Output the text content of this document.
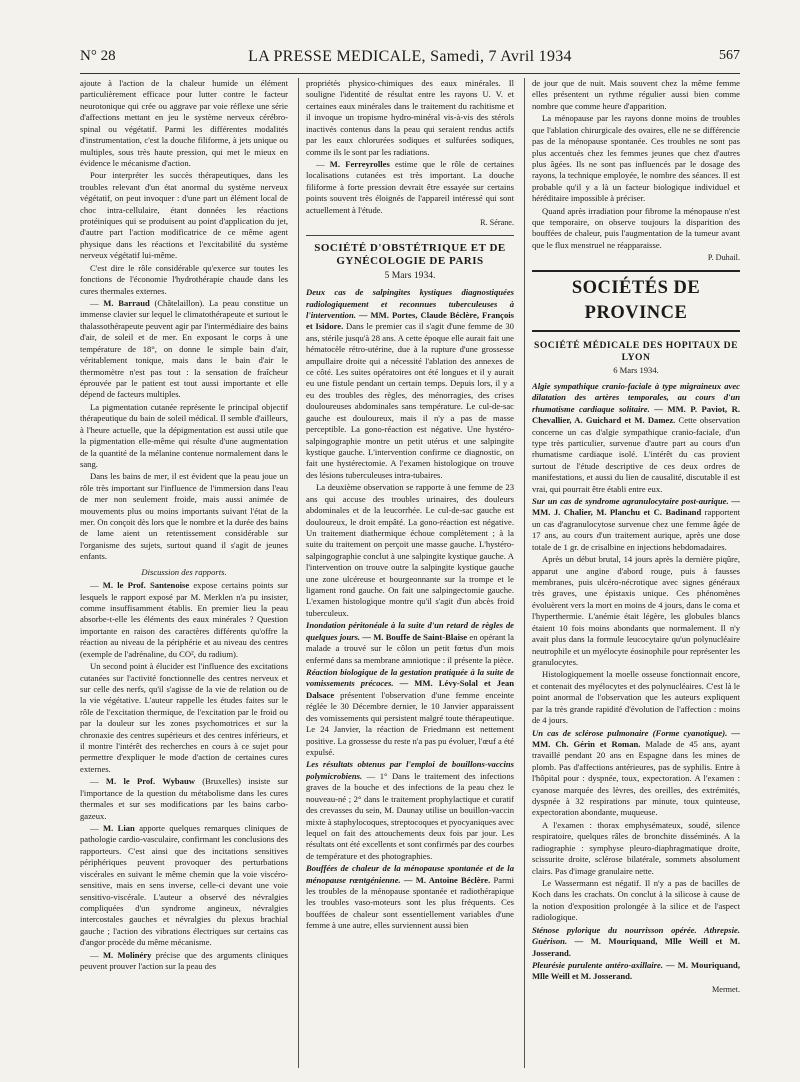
N° 28	LA PRESSE MEDICALE, Samedi, 7 Avril 1934	567

ajoute à l'action de la chaleur humide un élément particulièrement efficace pour lutter contre le facteur neurotonique qui crée ou aggrave par voie réflexe une série d'affections mettant en jeu le système nerveux cérébro-spinal ou végétatif. Parmi les différentes modalités d'instrumentation, c'est la douche filiforme, à jets unique ou multiples, sous très haute pression, qui met le mieux en évidence le mécanisme d'action.

Pour interpréter les succès thérapeutiques, dans les troubles relevant d'un état anormal du système nerveux végétatif, on peut invoquer : d'une part un élément local de choc intra-cellulaire, étant données les réactions protéiniques qui se produisent au point d'application du jet, d'autre part l'action modificatrice de ce même agent physique dans les réactions et l'excitabilité du système nerveux végétatif lui-même.

C'est dire le rôle considérable qu'exerce sur toutes les fonctions de l'économie l'hydrothérapie chaude dans les cures thermales externes.

— M. Barraud (Châtelaillon). La peau constitue un immense clavier sur lequel le climatothérapeute et surtout le thalassothérapeute peuvent agir par l'intermédiaire des bains d'air, de soleil et de mer. En exposant le corps à une température de 18°, on donne le simple bain d'air, véritablement tonique, mais dans le bain d'air le thermomètre n'est pas tout : la sensation de fraîcheur éprouvée par le patient est tout aussi importante et elle dépend de facteurs multiples.

La pigmentation cutanée représente le principal objectif thérapeutique du bain de soleil médical. Il semble d'ailleurs, à l'heure actuelle, que la dépigmentation est aussi utile que la pigmentation elle-même qui résulte d'une augmentation de la quantité de la mélanine contenue normalement dans le sang.

Dans les bains de mer, il est évident que la peau joue un rôle très important sur l'influence de l'immersion dans l'eau de mer non seulement froide, mais aussi animée de mouvements plus ou moins importants suivant l'état de la mer. On conçoit dès lors que le nombre et la durée des bains de lame aient un retentissement considérable sur l'organisme des sujets, surtout quand il s'agit de jeunes enfants.

Discussion des rapports.

— M. le Prof. Santenoise expose certains points sur lesquels le rapport exposé par M. Merklen n'a pu insister, comme insuffisamment établis. En premier lieu la peau absorbe-t-elle les éléments des eaux minérales ? Question importante en raison des caractères différents qu'offre la réaction au niveau de la périphérie et au niveau des centres (exemple de l'adrénaline, du CO², du radium).

Un second point à élucider est l'influence des excitations cutanées sur l'activité fonctionnelle des centres nerveux et sur celle des nerfs, qu'il s'agisse de la vie de relation ou de la vie végétative. L'auteur rappelle les études faites sur le rôle de l'excitation thermique, de l'excitation par le froid ou par la douleur sur les zones psychomotrices et sur la chronaxie des centres supérieurs et des centres inférieurs, et il montre l'intérêt des recherches en cours à ce sujet pour permettre d'expliquer le mode d'action de certaines cures externes.

— M. le Prof. Wybauw (Bruxelles) insiste sur l'importance de la question du métabolisme dans les cures thermales et sur ses modifications par les bains carbo-gazeux.

— M. Lian apporte quelques remarques cliniques de pathologie cardio-vasculaire, confirmant les conclusions des rapporteurs. C'est ainsi que des incitations sensitives périphériques peuvent provoquer des perturbations viscérales en suivant le même chemin que la voie viscéro-sensitive, mais en sens inverse, celle-ci devant une voie sensitivo-viscérale. L'auteur a observé des névralgies compliquées d'un syndrome angineux, névralgies intercostales gauches et névralgies du plexus brachial gauche ; l'action des vibrations électriques sur certains cas d'angor procède du même mécanisme.

— M. Molinéry précise que des arguments cliniques peuvent prouver l'action sur la peau des

propriétés physico-chimiques des eaux minérales. Il souligne l'identité de résultat entre les rayons U. V. et certaines eaux minérales dans le traitement du rachitisme et il invoque un tropisme hydro-minéral vis-à-vis des stérols inactivés contenus dans la peau qui seraient rendus actifs par les eaux chlorurées sodiques et sulfurées sodiques, comme ils le sont par les radiations.

— M. Ferreyrolles estime que le rôle de certaines localisations cutanées est très important. La douche filiforme à forte pression devrait être essayée sur certains points souvent très éloignés de l'appareil intéressé qui sont actuellement à l'étude.

R. Sérane.
SOCIÉTÉ D'OBSTÉTRIQUE ET DE GYNÉCOLOGIE DE PARIS
5 Mars 1934.

Deux cas de salpingites kystiques diagnostiquées radiologiquement et reconnues tuberculeuses à l'intervention. — MM. Portes, Claude Béclère, François et Isidore. Dans le premier cas il s'agit d'une femme de 30 ans, stérile jusqu'à 28 ans. A cette époque elle aurait fait une hématocèle rétro-utérine, due à la rupture d'une grossesse ampullaire droite qui a nécessité l'ablation des annexes de ce côté. Les suites opératoires ont été longues et il y aurait eu une fistule pendant un certain temps. Depuis lors, il y a eu des troubles des règles, des ménorragies, des crises douloureuses abdominales sans température. Le cul-de-sac gauche est douloureux, mais il n'y a pas de masse perceptible. La gono-réaction est négative. Une hystéro-salpingographie montre un petit utérus et une salpingite kystique gauche. L'intervention confirme ce diagnostic, on fait une hystérectomie. A l'examen histologique on trouve des lésions tuberculeuses intra-tubaires.

La deuxième observation se rapporte à une femme de 23 ans qui accuse des troubles urinaires, des douleurs abdominales et de la leucorrhée. Le cul-de-sac gauche est douloureux, le droit empâté. La gono-réaction est négative. Un traitement diathermique échoue complètement ; à la suite du traitement on perçoit une masse gauche. L'hystéro-salpingographie conclut à une salpingite kystique gauche. A l'intervention on trouve outre la salpingite kystique gauche une zone ulcéreuse et bourgeonnante sur la trompe et le ligament rond gauche. On fait une salpingectomie gauche. L'examen histologique montre qu'il s'agit d'un abcès froid tuberculeux.

Inondation péritonéale à la suite d'un retard de règles de quelques jours. — M. Bouffe de Saint-Blaise en opérant la malade a trouvé sur le côlon un petit fœtus d'un mois enfermé dans sa membrane amniotique : il présente la pièce.

Réaction biologique de la gestation pratiquée à la suite de vomissements précoces. — MM. Lévy-Solal et Jean Dalsace présentent l'observation d'une femme enceinte réglée le 30 Décembre dernier, le 10 Janvier apparaissent des vomissements qui persistent malgré toute thérapeutique. Le 24 Janvier, la réaction de Friedmann est nettement positive. La grossesse du reste n'a pas pu évoluer, l'œuf a été expulsé.

Les résultats obtenus par l'emploi de bouillons-vaccins polymicrobiens. — 1° Dans le traitement des infections graves de la bouche et des infections de la peau chez le nouveau-né ; 2° dans le traitement prophylactique et curatif des crevasses du sein, M. Daunay utilise un bouillon-vaccin mixte à staphylocoques, streptocoques et pyocyaniques avec lequel on fait des attouchements deux fois par jour. Les résultats ont été excellents et sont confirmés par des courbes de température et des photographies.

Bouffées de chaleur de la ménopause spontanée et de la ménopause rœntgénienne. — M. Antoine Béclère. Parmi les troubles de la ménopause spontanée et radiothérapique les troubles vaso-moteurs sont les plus fréquents. Ces bouffées de chaleur sont essentiellement variables d'une femme à une autre, elles surviennent aussi bien

de jour que de nuit. Mais souvent chez la même femme elles présentent un rythme régulier aussi bien comme nombre que comme heure d'apparition.

La ménopause par les rayons donne moins de troubles que l'ablation chirurgicale des ovaires, elle ne se différencie pas de la ménopause spontanée. Ces troubles ne sont pas plus accentués chez les femmes jeunes que chez d'autres plus âgées. Ils ne sont pas influencés par le dosage des rayons, la technique employée, le nombre des séances. Il est probable qu'il y a là un facteur biologique individuel et héréditaire impossible à préciser.

Quand après irradiation pour fibrome la ménopause n'est que temporaire, on observe toujours la disparition des bouffées de chaleur, puis l'augmentation de la tumeur avant que le flux menstruel ne réapparaisse.

P. Duhail.
SOCIÉTÉS DE PROVINCE
SOCIÉTÉ MÉDICALE DES HOPITAUX DE LYON
6 Mars 1934.

Algie sympathique cranio-faciale à type migraineux avec dilatation des artères temporales, au cours d'un rhumatisme cardiaque solitaire. — MM. P. Paviot, R. Chevallier, A. Guichard et M. Damez. Cette observation concerne un cas d'algie sympathique cranio-faciale, d'un type très particulier, survenue d'autre part au cours d'un rhumatisme cardiaque isolé. L'intérêt du cas provient surtout de l'étude descriptive de ces deux ordres de manifestations, et aussi du lien de causalité, discutable il est vrai, qui pourrait être établi entre eux.

Sur un cas de syndrome agranulocytaire post-aurique. — MM. J. Chalier, M. Planchu et C. Badinand rapportent un cas d'agranulocytose survenue chez une femme âgée de 17 ans, au cours d'un traitement aurique, après une dose totale de 1 gr. de crisalbine en injections hebdomadaires.

Après un début brutal, 14 jours après la dernière piqûre, apparut une angine d'abord rouge, puis à fausses membranes, puis ulcéro-nécrotique avec signes généraux très graves, une épistaxis unique. Ces phénomènes évoluèrent vers la mort en moins de 4 jours, dans le coma et l'hyperthermie. L'anémie était légère, les globules blancs étaient 10 fois moins abondants que normalement. Il n'y avait plus dans la formule leucocytaire qu'un polynucléaire neutrophile et un myélocyte éosinophile pour représenter les granulocytes.

Histologiquement la moelle osseuse fonctionnait encore, et contenait des myélocytes et des polynucléaires. C'est là le point anormal de l'observation que les auteurs expliquent par la très grande rapidité d'évolution de l'affection : moins de 4 jours.

Un cas de sclérose pulmonaire (Forme cyanotique). — MM. Ch. Gérin et Roman. Malade de 45 ans, ayant travaillé pendant 20 ans en Espagne dans les mines de plomb. Pas d'affections antérieures, pas de syphilis. Entre à l'hôpital pour : dyspnée, toux, expectoration. A l'examen : cyanose marquée des lèvres, des oreilles, des extrémités, dyspnée à 32 respirations par minute, toux quinteuse, expectoration abondante, muqueuse.

A l'examen : thorax emphysémateux, soudé, silence respiratoire, quelques râles de bronchite disséminés. A la radiographie : symphyse pleuro-diaphragmatique droite, scissurite droite, sclérose bilatérale, sommets absolument clairs. Pas d'image granulaire nette.

Le Wassermann est négatif. Il n'y a pas de bacilles de Koch dans les crachats. On conclut à la silicose à cause de la notion d'exposition prolongée à la silice et de l'aspect radiologique.

Sténose pylorique du nourrisson opérée. Athrepsie. Guérison. — M. Mouriquand, Mlle Weill et M. Josserand.

Pleurésie purulente antéro-axillaire. — M. Mouriquand, Mlle Weill et M. Josserand.

Mermet.
